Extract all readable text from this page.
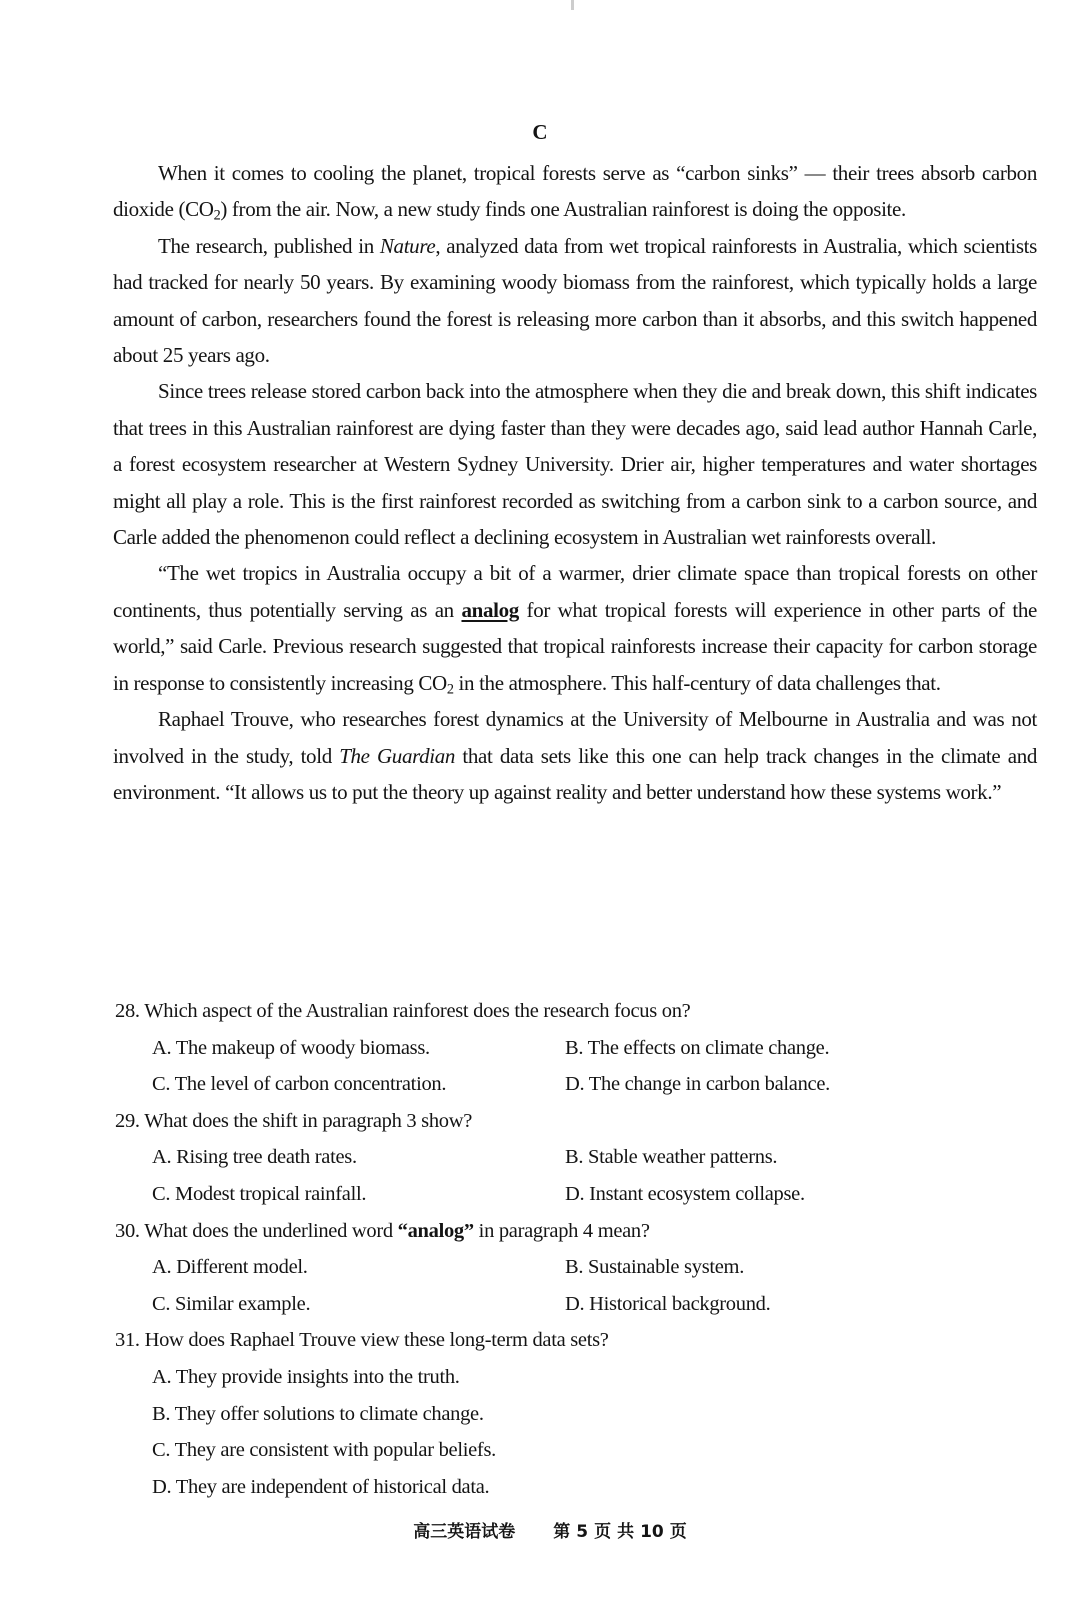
C

When it comes to cooling the planet, tropical forests serve as “carbon sinks” — their trees absorb carbon dioxide $(CO_2)$ from the air. Now, a new study finds one Australian rainforest is doing the opposite.

The research, published in Nature, analyzed data from wet tropical rainforests in Australia, which scientists had tracked for nearly 50 years. By examining woody biomass from the rainforest, which typically holds a large amount of carbon, researchers found the forest is releasing more carbon than it absorbs, and this switch happened about 25 years ago.

Since trees release stored carbon back into the atmosphere when they die and break down, this shift indicates that trees in this Australian rainforest are dying faster than they were decades ago, said lead author Hannah Carle, a forest ecosystem researcher at Western Sydney University. Drier air, higher temperatures and water shortages might all play a role. This is the first rainforest recorded as switching from a carbon sink to a carbon source, and Carle added the phenomenon could reflect a declining ecosystem in Australian wet rainforests overall.

“The wet tropics in Australia occupy a bit of a warmer, drier climate space than tropical forests on other continents, thus potentially serving as an analog for what tropical forests will experience in other parts of the world,” said Carle. Previous research suggested that tropical rainforests increase their capacity for carbon storage in response to consistently increasing $CO_2$ in the atmosphere. This half-century of data challenges that.

Raphael Trouve, who researches forest dynamics at the University of Melbourne in Australia and was not involved in the study, told The Guardian that data sets like this one can help track changes in the climate and environment. “It allows us to put the theory up against reality and better understand how these systems work.”

28. Which aspect of the Australian rainforest does the research focus on?

A. The makeup of woody biomass.	B. The effects on climate change.
C. The level of carbon concentration.	D. The change in carbon balance.

29. What does the shift in paragraph 3 show?

A. Rising tree death rates.	B. Stable weather patterns.
C. Modest tropical rainfall.	D. Instant ecosystem collapse.

30. What does the underlined word “analog” in paragraph 4 mean?

A. Different model.	B. Sustainable system.
C. Similar example.	D. Historical background.

31. How does Raphael Trouve view these long-term data sets?

A. They provide insights into the truth.
B. They offer solutions to climate change.
C. They are consistent with popular beliefs.
D. They are independent of historical data.
高三英语试卷 第 5 页 共 10 页
